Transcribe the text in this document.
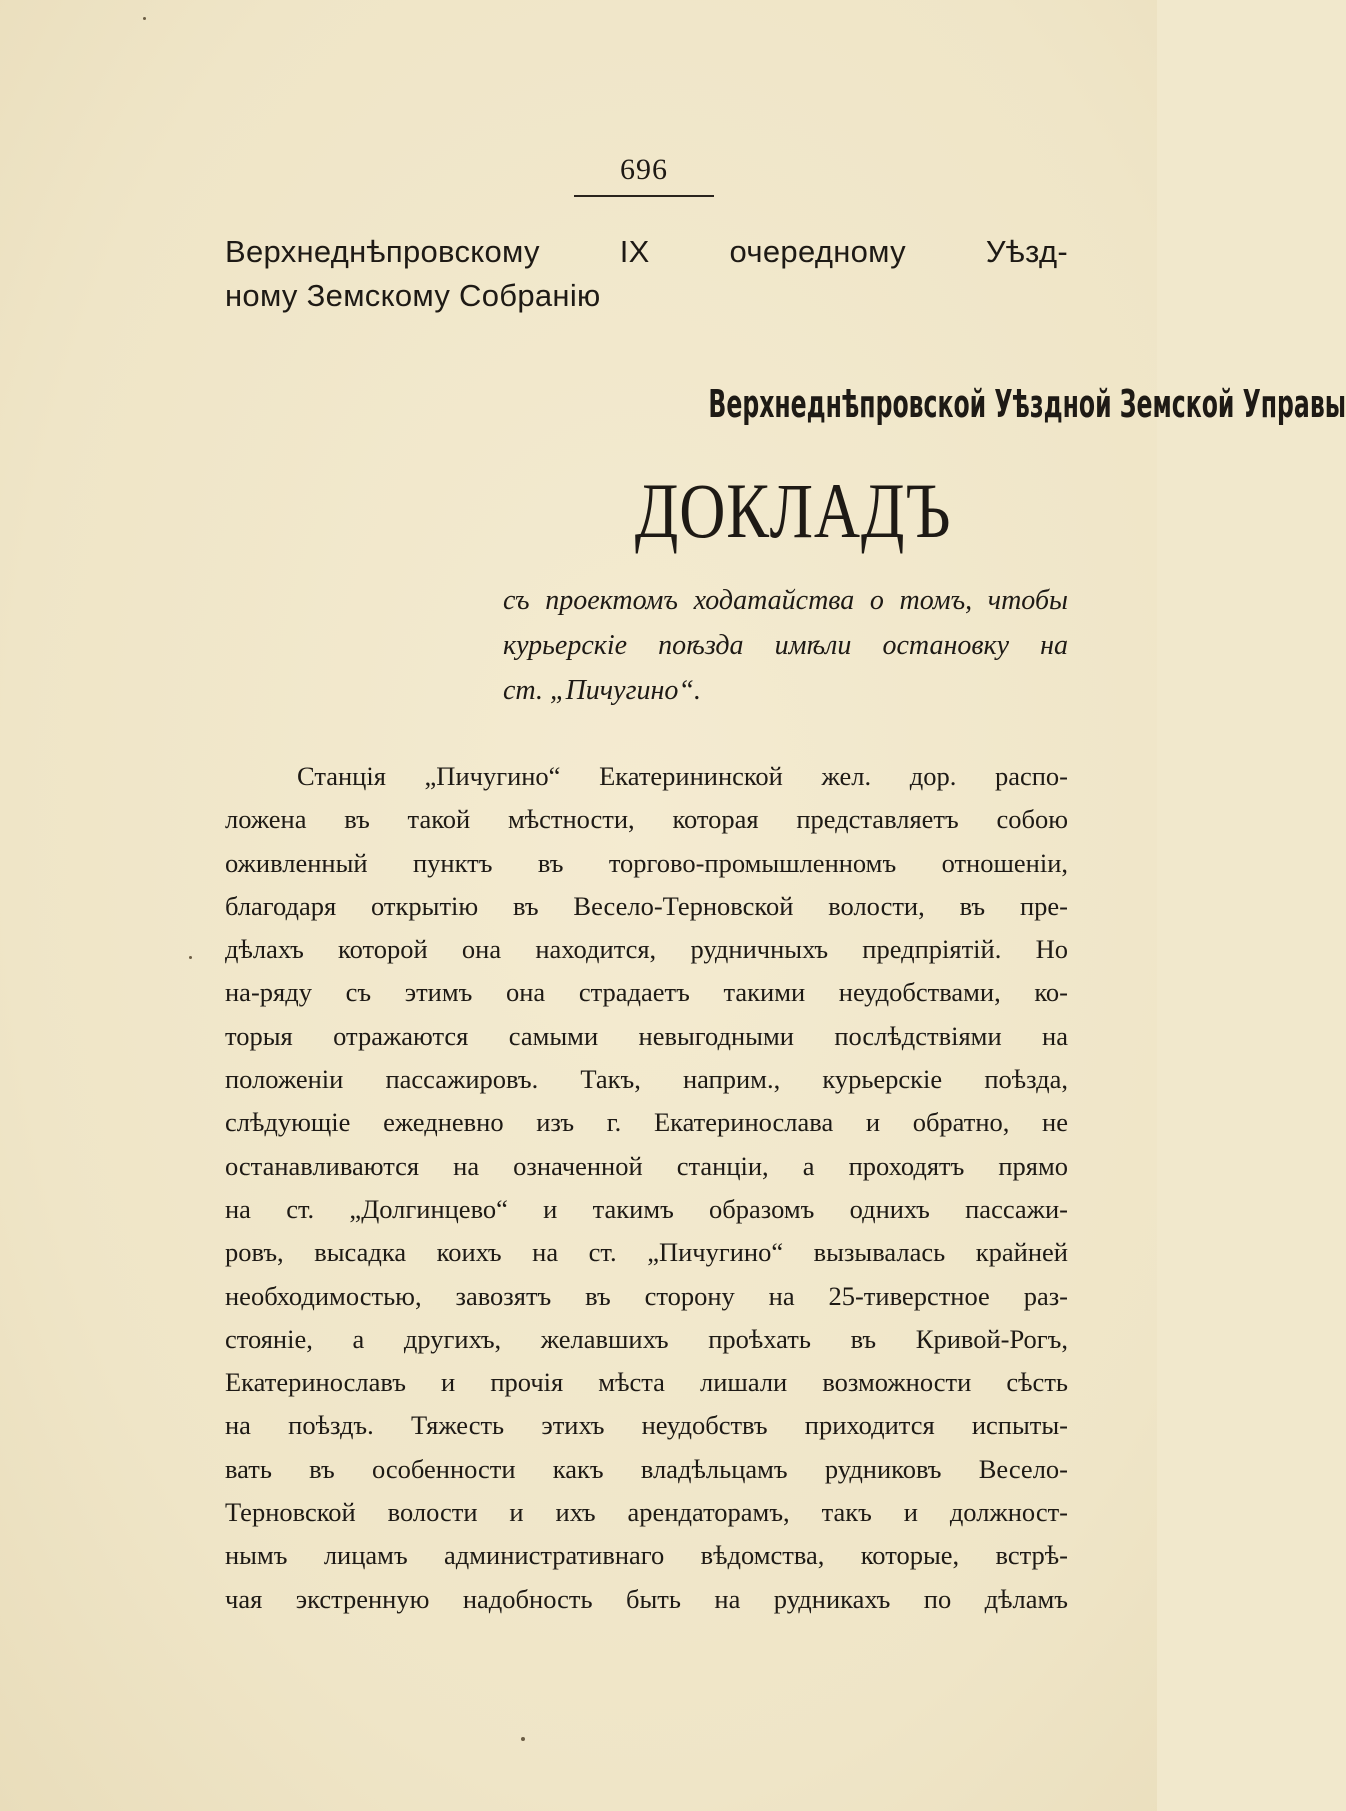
696
Верхнеднѣпровскому IX очередному Уѣзд-
ному Земскому Собранію
Верхнеднѣпровской Уѣздной Земской Управы
ДОКЛАДЪ
съ проектомъ ходатайства о томъ, чтобы
курьерскіе поѣзда имѣли остановку на
ст. „Пичугино“.
Станція „Пичугино“ Екатерининской жел. дор. распо-
ложена въ такой мѣстности, которая представляетъ собою
оживленный пунктъ въ торгово-промышленномъ отношеніи,
благодаря открытію въ Весело-Терновской волости, въ пре-
дѣлахъ которой она находится, рудничныхъ предпріятій. Но
на-ряду съ этимъ она страдаетъ такими неудобствами, ко-
торыя отражаются самыми невыгодными послѣдствіями на
положеніи пассажировъ. Такъ, наприм., курьерскіе поѣзда,
слѣдующіе ежедневно изъ г. Екатеринослава и обратно, не
останавливаются на означенной станціи, а проходятъ прямо
на ст. „Долгинцево“ и такимъ образомъ однихъ пассажи-
ровъ, высадка коихъ на ст. „Пичугино“ вызывалась крайней
необходимостью, завозятъ въ сторону на 25-тиверстное раз-
стояніе, а другихъ, желавшихъ проѣхать въ Кривой-Рогъ,
Екатеринославъ и прочія мѣста лишали возможности сѣсть
на поѣздъ. Тяжесть этихъ неудобствъ приходится испыты-
вать въ особенности какъ владѣльцамъ рудниковъ Весело-
Терновской волости и ихъ арендаторамъ, такъ и должност-
нымъ лицамъ административнаго вѣдомства, которые, встрѣ-
чая экстренную надобность быть на рудникахъ по дѣламъ
